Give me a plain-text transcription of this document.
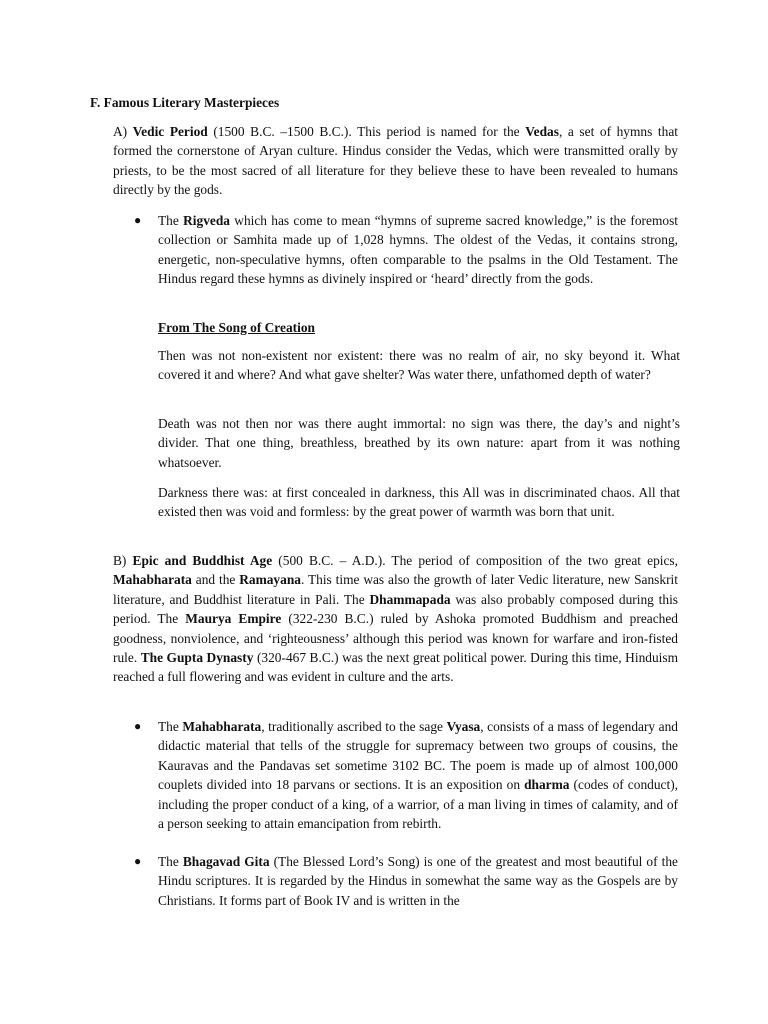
F. Famous Literary Masterpieces

A) Vedic Period (1500 B.C. –1500 B.C.). This period is named for the Vedas, a set of hymns that formed the cornerstone of Aryan culture. Hindus consider the Vedas, which were transmitted orally by priests, to be the most sacred of all literature for they believe these to have been revealed to humans directly by the gods.

● The Rigveda which has come to mean “hymns of supreme sacred knowledge,” is the foremost collection or Samhita made up of 1,028 hymns. The oldest of the Vedas, it contains strong, energetic, non-speculative hymns, often comparable to the psalms in the Old Testament. The Hindus regard these hymns as divinely inspired or ‘heard’ directly from the gods.

From The Song of Creation

Then was not non-existent nor existent: there was no realm of air, no sky beyond it. What covered it and where? And what gave shelter? Was water there, unfathomed depth of water?

Death was not then nor was there aught immortal: no sign was there, the day’s and night’s divider. That one thing, breathless, breathed by its own nature: apart from it was nothing whatsoever.

Darkness there was: at first concealed in darkness, this All was in discriminated chaos. All that existed then was void and formless: by the great power of warmth was born that unit.

B) Epic and Buddhist Age (500 B.C. – A.D.). The period of composition of the two great epics, Mahabharata and the Ramayana. This time was also the growth of later Vedic literature, new Sanskrit literature, and Buddhist literature in Pali. The Dhammapada was also probably composed during this period. The Maurya Empire (322-230 B.C.) ruled by Ashoka promoted Buddhism and preached goodness, nonviolence, and ‘righteousness’ although this period was known for warfare and iron-fisted rule. The Gupta Dynasty (320-467 B.C.) was the next great political power. During this time, Hinduism reached a full flowering and was evident in culture and the arts.

● The Mahabharata, traditionally ascribed to the sage Vyasa, consists of a mass of legendary and didactic material that tells of the struggle for supremacy between two groups of cousins, the Kauravas and the Pandavas set sometime 3102 BC. The poem is made up of almost 100,000 couplets divided into 18 parvans or sections. It is an exposition on dharma (codes of conduct), including the proper conduct of a king, of a warrior, of a man living in times of calamity, and of a person seeking to attain emancipation from rebirth.

● The Bhagavad Gita (The Blessed Lord’s Song) is one of the greatest and most beautiful of the Hindu scriptures. It is regarded by the Hindus in somewhat the same way as the Gospels are by Christians. It forms part of Book IV and is written in the
